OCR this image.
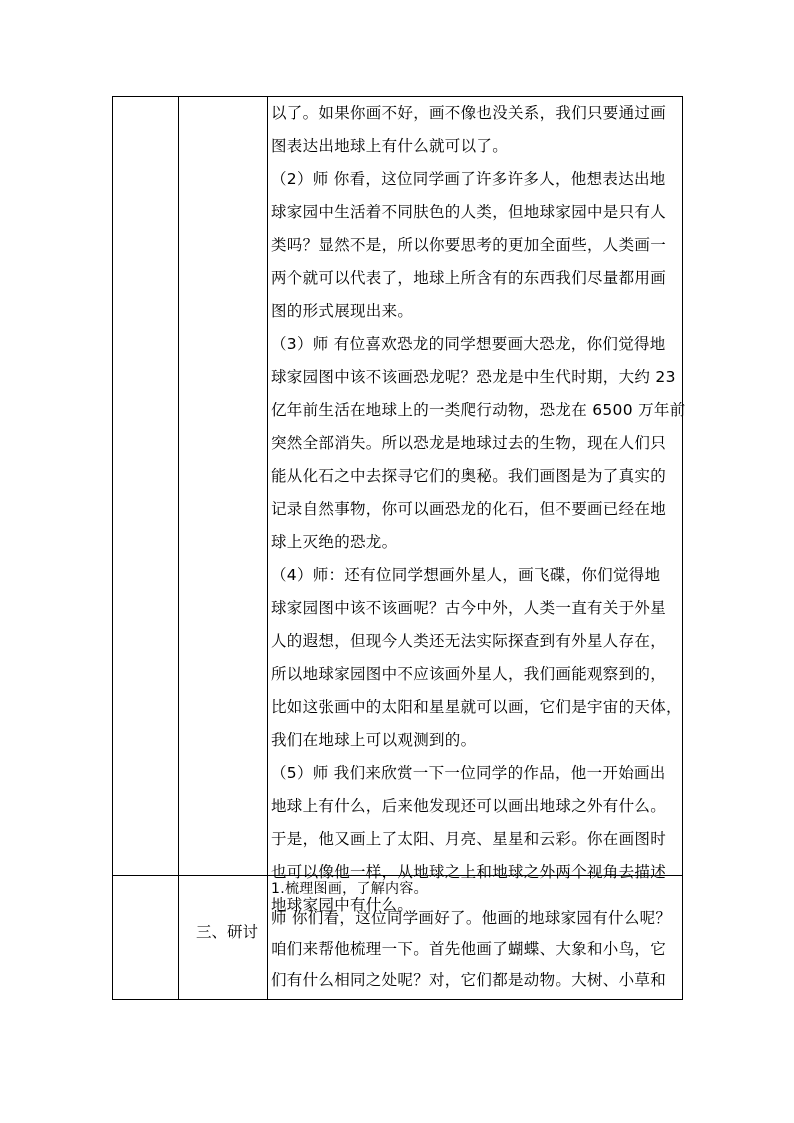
以了。如果你画不好，画不像也没关系，我们只要通过画
图表达出地球上有什么就可以了。
（2）师 你看，这位同学画了许多许多人，他想表达出地
球家园中生活着不同肤色的人类，但地球家园中是只有人
类吗？显然不是，所以你要思考的更加全面些，人类画一
两个就可以代表了，地球上所含有的东西我们尽量都用画
图的形式展现出来。
（3）师 有位喜欢恐龙的同学想要画大恐龙，你们觉得地
球家园图中该不该画恐龙呢？恐龙是中生代时期，大约 23
亿年前生活在地球上的一类爬行动物，恐龙在 6500 万年前
突然全部消失。所以恐龙是地球过去的生物，现在人们只
能从化石之中去探寻它们的奥秘。我们画图是为了真实的
记录自然事物，你可以画恐龙的化石，但不要画已经在地
球上灭绝的恐龙。
（4）师：还有位同学想画外星人，画飞碟，你们觉得地
球家园图中该不该画呢？古今中外，人类一直有关于外星
人的遐想，但现今人类还无法实际探查到有外星人存在，
所以地球家园图中不应该画外星人，我们画能观察到的，
比如这张画中的太阳和星星就可以画，它们是宇宙的天体，
我们在地球上可以观测到的。
（5）师 我们来欣赏一下一位同学的作品，他一开始画出
地球上有什么，后来他发现还可以画出地球之外有什么。
于是，他又画上了太阳、月亮、星星和云彩。你在画图时
也可以像他一样，从地球之上和地球之外两个视角去描述
地球家园中有什么。
三、研讨
1.梳理图画，了解内容。
师 你们看，这位同学画好了。他画的地球家园有什么呢？
咱们来帮他梳理一下。首先他画了蝴蝶、大象和小鸟，它
们有什么相同之处呢？对，它们都是动物。大树、小草和
